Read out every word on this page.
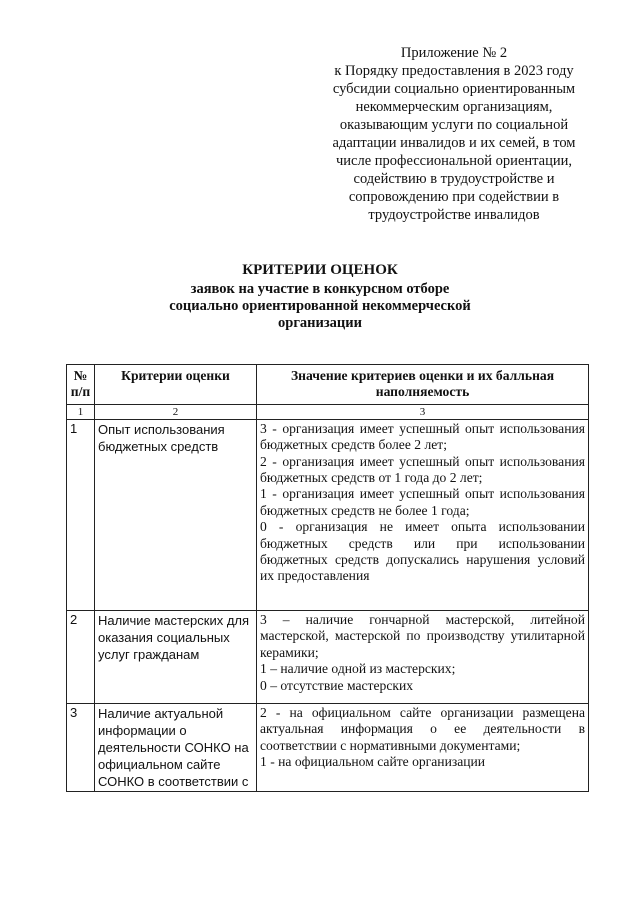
Приложение № 2
к Порядку предоставления в 2023 году
субсидии социально ориентированным
некоммерческим организациям,
оказывающим услуги по социальной
адаптации инвалидов и их семей, в том
числе профессиональной ориентации,
содействию в трудоустройстве и
сопровождению при содействии в
трудоустройстве инвалидов
КРИТЕРИИ ОЦЕНОК
заявок на участие в конкурсном отборе
социально ориентированной некоммерческой
организации
№ п/п	Критерии оценки	Значение критериев оценки и их балльная наполняемость
1	2	3
1	Опыт использования бюджетных средств	3 - организация имеет успешный опыт использования бюджетных средств более 2 лет;
2 - организация имеет успешный опыт использования бюджетных средств от 1 года до 2 лет;
1 - организация имеет успешный опыт использования бюджетных средств не более 1 года;
0 - организация не имеет опыта использовании бюджетных средств или при использовании бюджетных средств допускались нарушения условий их предоставления

2	Наличие мастерских для оказания социальных услуг гражданам	3 – наличие гончарной мастерской, литейной мастерской, мастерской по производству утилитарной керамики;
1 – наличие одной из мастерских;
0 – отсутствие мастерских

3	Наличие актуальной информации о деятельности СОНКО на официальном сайте СОНКО в соответствии с	2 - на официальном сайте организации размещена актуальная информация о ее деятельности в соответствии с нормативными документами;
1 - на официальном сайте организации
